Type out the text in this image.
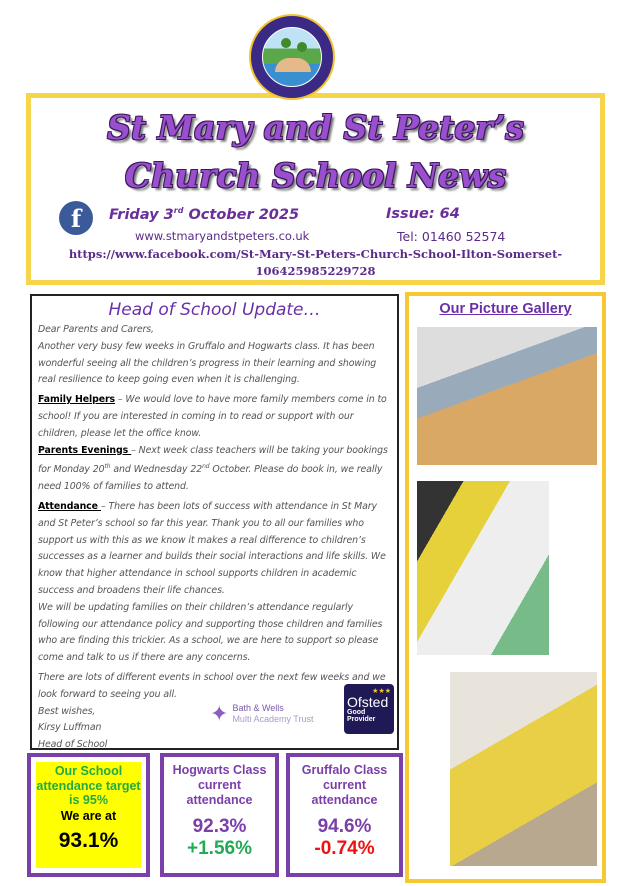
St Mary and St Peter’s
Church School News
f	Friday 3rd October 2025	Issue: 64
www.stmaryandstpeters.co.uk	Tel: 01460 52574
https://www.facebook.com/St-Mary-St-Peters-Church-School-Ilton-Somerset-
106425985229728
Head of School Update…

Dear Parents and Carers,

Another very busy few weeks in Gruffalo and Hogwarts class. It has been wonderful seeing all the children’s progress in their learning and showing real resilience to keep going even when it is challenging.

Family Helpers – We would love to have more family members come in to school! If you are interested in coming in to read or support with our children, please let the office know.

Parents Evenings – Next week class teachers will be taking your bookings for Monday 20th and Wednesday 22nd October. Please do book in, we really need 100% of families to attend.

Attendance – There has been lots of success with attendance in St Mary and St Peter’s school so far this year. Thank you to all our families who support us with this as we know it makes a real difference to children’s successes as a learner and builds their social interactions and life skills. We know that higher attendance in school supports children in academic success and broadens their life chances.

We will be updating families on their children’s attendance regularly following our attendance policy and supporting those children and families who are finding this trickier. As a school, we are here to support so please come and talk to us if there are any concerns.

There are lots of different events in school over the next few weeks and we look forward to seeing you all.

Best wishes,

Kirsy Luffman

Head of School

✦ Bath & Wells
Multi Academy Trust
★★★
Ofsted
Good
Provider
Our Picture Gallery
Our School attendance target is 95%
We are at
93.1%
Hogwarts Class current attendance
92.3%
+1.56%
Gruffalo Class current attendance
94.6%
-0.74%
